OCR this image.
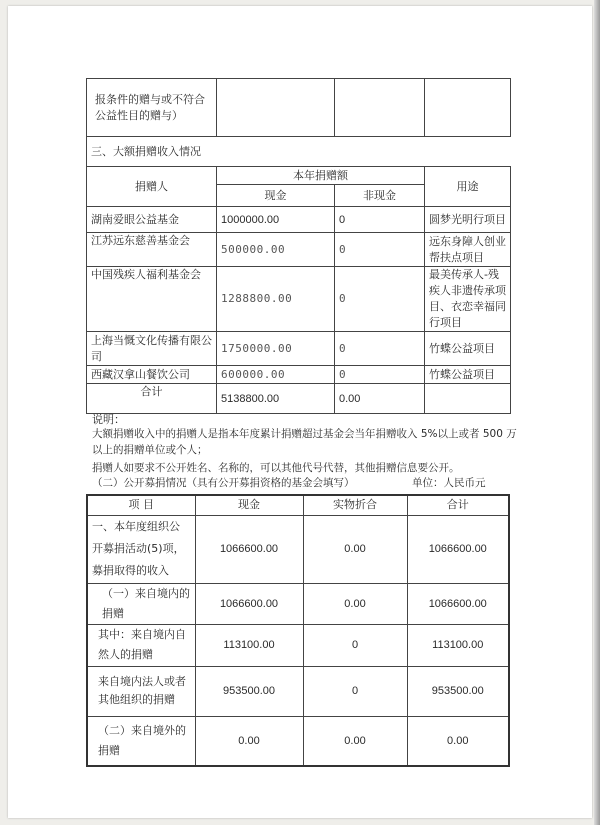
报条件的赠与或不符合公益性目的赠与）			
三、大额捐赠收入情况			
捐赠人	本年捐赠额		用途
	现金	非现金	
湖南爱眼公益基金	1000000.00	0	圆梦光明行项目
江苏远东慈善基金会	500000.00	0	远东身障人创业帮扶点项目
中国残疾人福利基金会	1288800.00	0	最美传承人-残疾人非遗传承项目、衣恋幸福同行项目
上海当慨文化传播有限公司	1750000.00	0	竹蝶公益项目
西藏汉拿山餐饮公司	600000.00	0	竹蝶公益项目
合计	5138800.00	0.00	
说明：
大额捐赠收入中的捐赠人是指本年度累计捐赠超过基金会当年捐赠收入 5%以上或者 500 万
以上的捐赠单位或个人；
捐赠人如要求不公开姓名、名称的，可以其他代号代替，其他捐赠信息要公开。
（二）公开募捐情况（具有公开募捐资格的基金会填写）	单位：人民币元
项 目	现金	实物折合	合计
一、本年度组织公开募捐活动(5)项，募捐取得的收入	1066600.00	0.00	1066600.00
（一）来自境内的捐赠	1066600.00	0.00	1066600.00
其中：来自境内自然人的捐赠	113100.00	0	113100.00
来自境内法人或者其他组织的捐赠	953500.00	0	953500.00
（二）来自境外的捐赠	0.00	0.00	0.00
